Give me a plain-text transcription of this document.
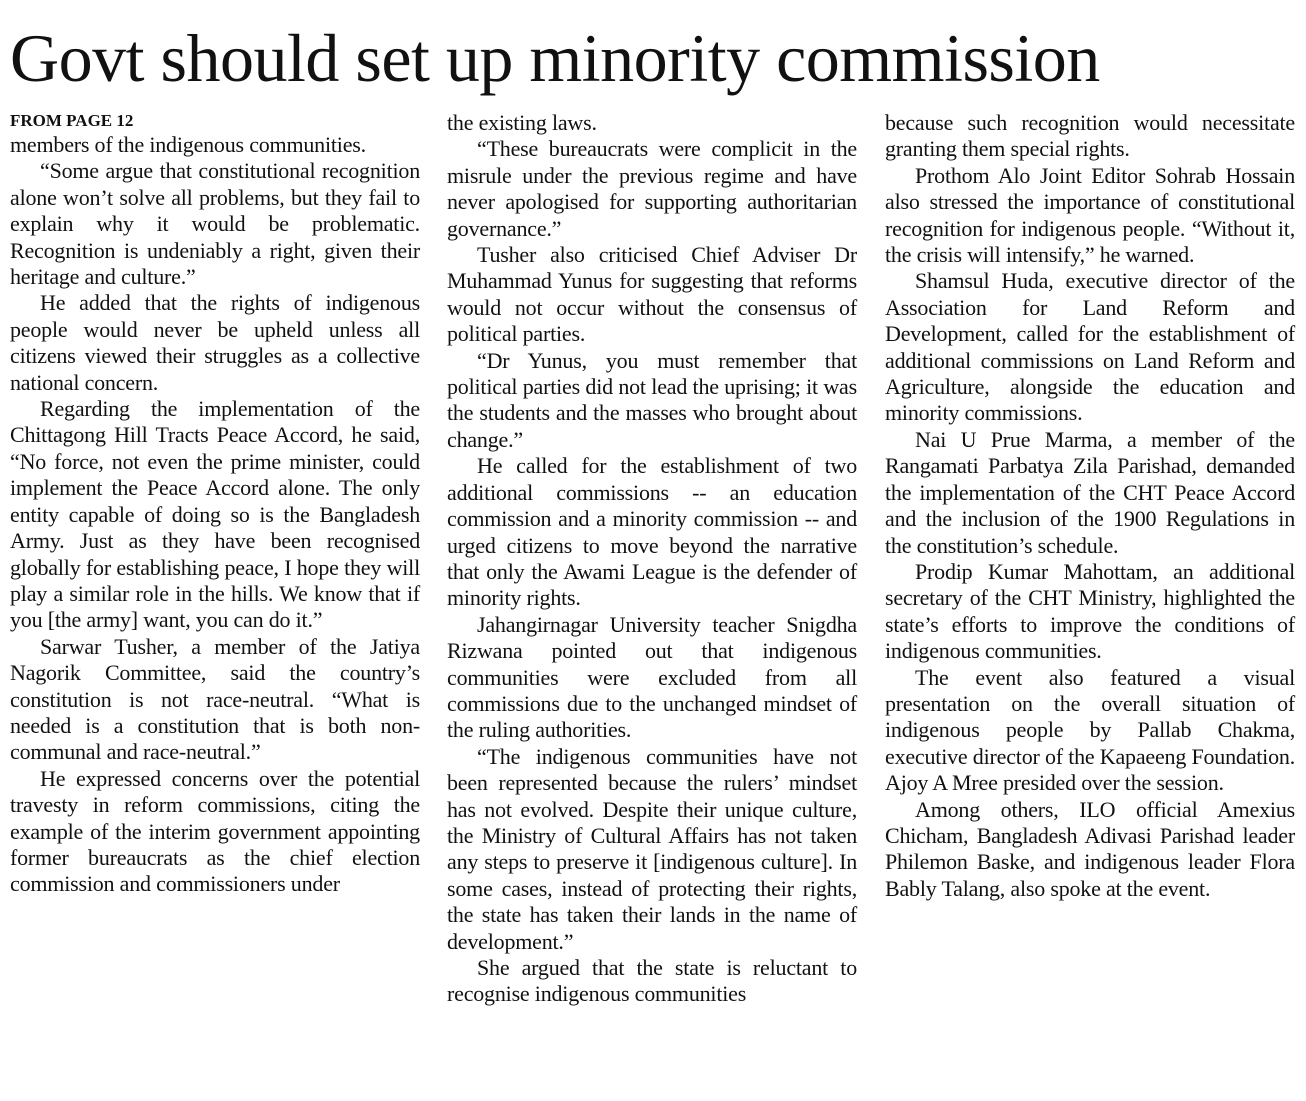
Govt should set up minority commission
FROM PAGE 12

members of the indigenous communities.

“Some argue that constitutional recognition alone won’t solve all problems, but they fail to explain why it would be problematic. Recognition is undeniably a right, given their heritage and culture.”

He added that the rights of indigenous people would never be upheld unless all citizens viewed their struggles as a collective national concern.

Regarding the implementation of the Chittagong Hill Tracts Peace Accord, he said, “No force, not even the prime minister, could implement the Peace Accord alone. The only entity capable of doing so is the Bangladesh Army. Just as they have been recognised globally for establishing peace, I hope they will play a similar role in the hills. We know that if you [the army] want, you can do it.”

Sarwar Tusher, a member of the Jatiya Nagorik Committee, said the country’s constitution is not race-neutral. “What is needed is a constitution that is both non-communal and race-neutral.”

He expressed concerns over the potential travesty in reform commissions, citing the example of the interim government appointing former bureaucrats as the chief election commission and commissioners under

the existing laws.

“These bureaucrats were complicit in the misrule under the previous regime and have never apologised for supporting authoritarian governance.”

Tusher also criticised Chief Adviser Dr Muhammad Yunus for suggesting that reforms would not occur without the consensus of political parties.

“Dr Yunus, you must remember that political parties did not lead the uprising; it was the students and the masses who brought about change.”

He called for the establishment of two additional commissions -- an education commission and a minority commission -- and urged citizens to move beyond the narrative that only the Awami League is the defender of minority rights.

Jahangirnagar University teacher Snigdha Rizwana pointed out that indigenous communities were excluded from all commissions due to the unchanged mindset of the ruling authorities.

“The indigenous communities have not been represented because the rulers’ mindset has not evolved. Despite their unique culture, the Ministry of Cultural Affairs has not taken any steps to preserve it [indigenous culture]. In some cases, instead of protecting their rights, the state has taken their lands in the name of development.”

She argued that the state is reluctant to recognise indigenous communities

because such recognition would necessitate granting them special rights.

Prothom Alo Joint Editor Sohrab Hossain also stressed the importance of constitutional recognition for indigenous people. “Without it, the crisis will intensify,” he warned.

Shamsul Huda, executive director of the Association for Land Reform and Development, called for the establishment of additional commissions on Land Reform and Agriculture, alongside the education and minority commissions.

Nai U Prue Marma, a member of the Rangamati Parbatya Zila Parishad, demanded the implementation of the CHT Peace Accord and the inclusion of the 1900 Regulations in the constitution’s schedule.

Prodip Kumar Mahottam, an additional secretary of the CHT Ministry, highlighted the state’s efforts to improve the conditions of indigenous communities.

The event also featured a visual presentation on the overall situation of indigenous people by Pallab Chakma, executive director of the Kapaeeng Foundation. Ajoy A Mree presided over the session.

Among others, ILO official Amexius Chicham, Bangladesh Adivasi Parishad leader Philemon Baske, and indigenous leader Flora Bably Talang, also spoke at the event.
